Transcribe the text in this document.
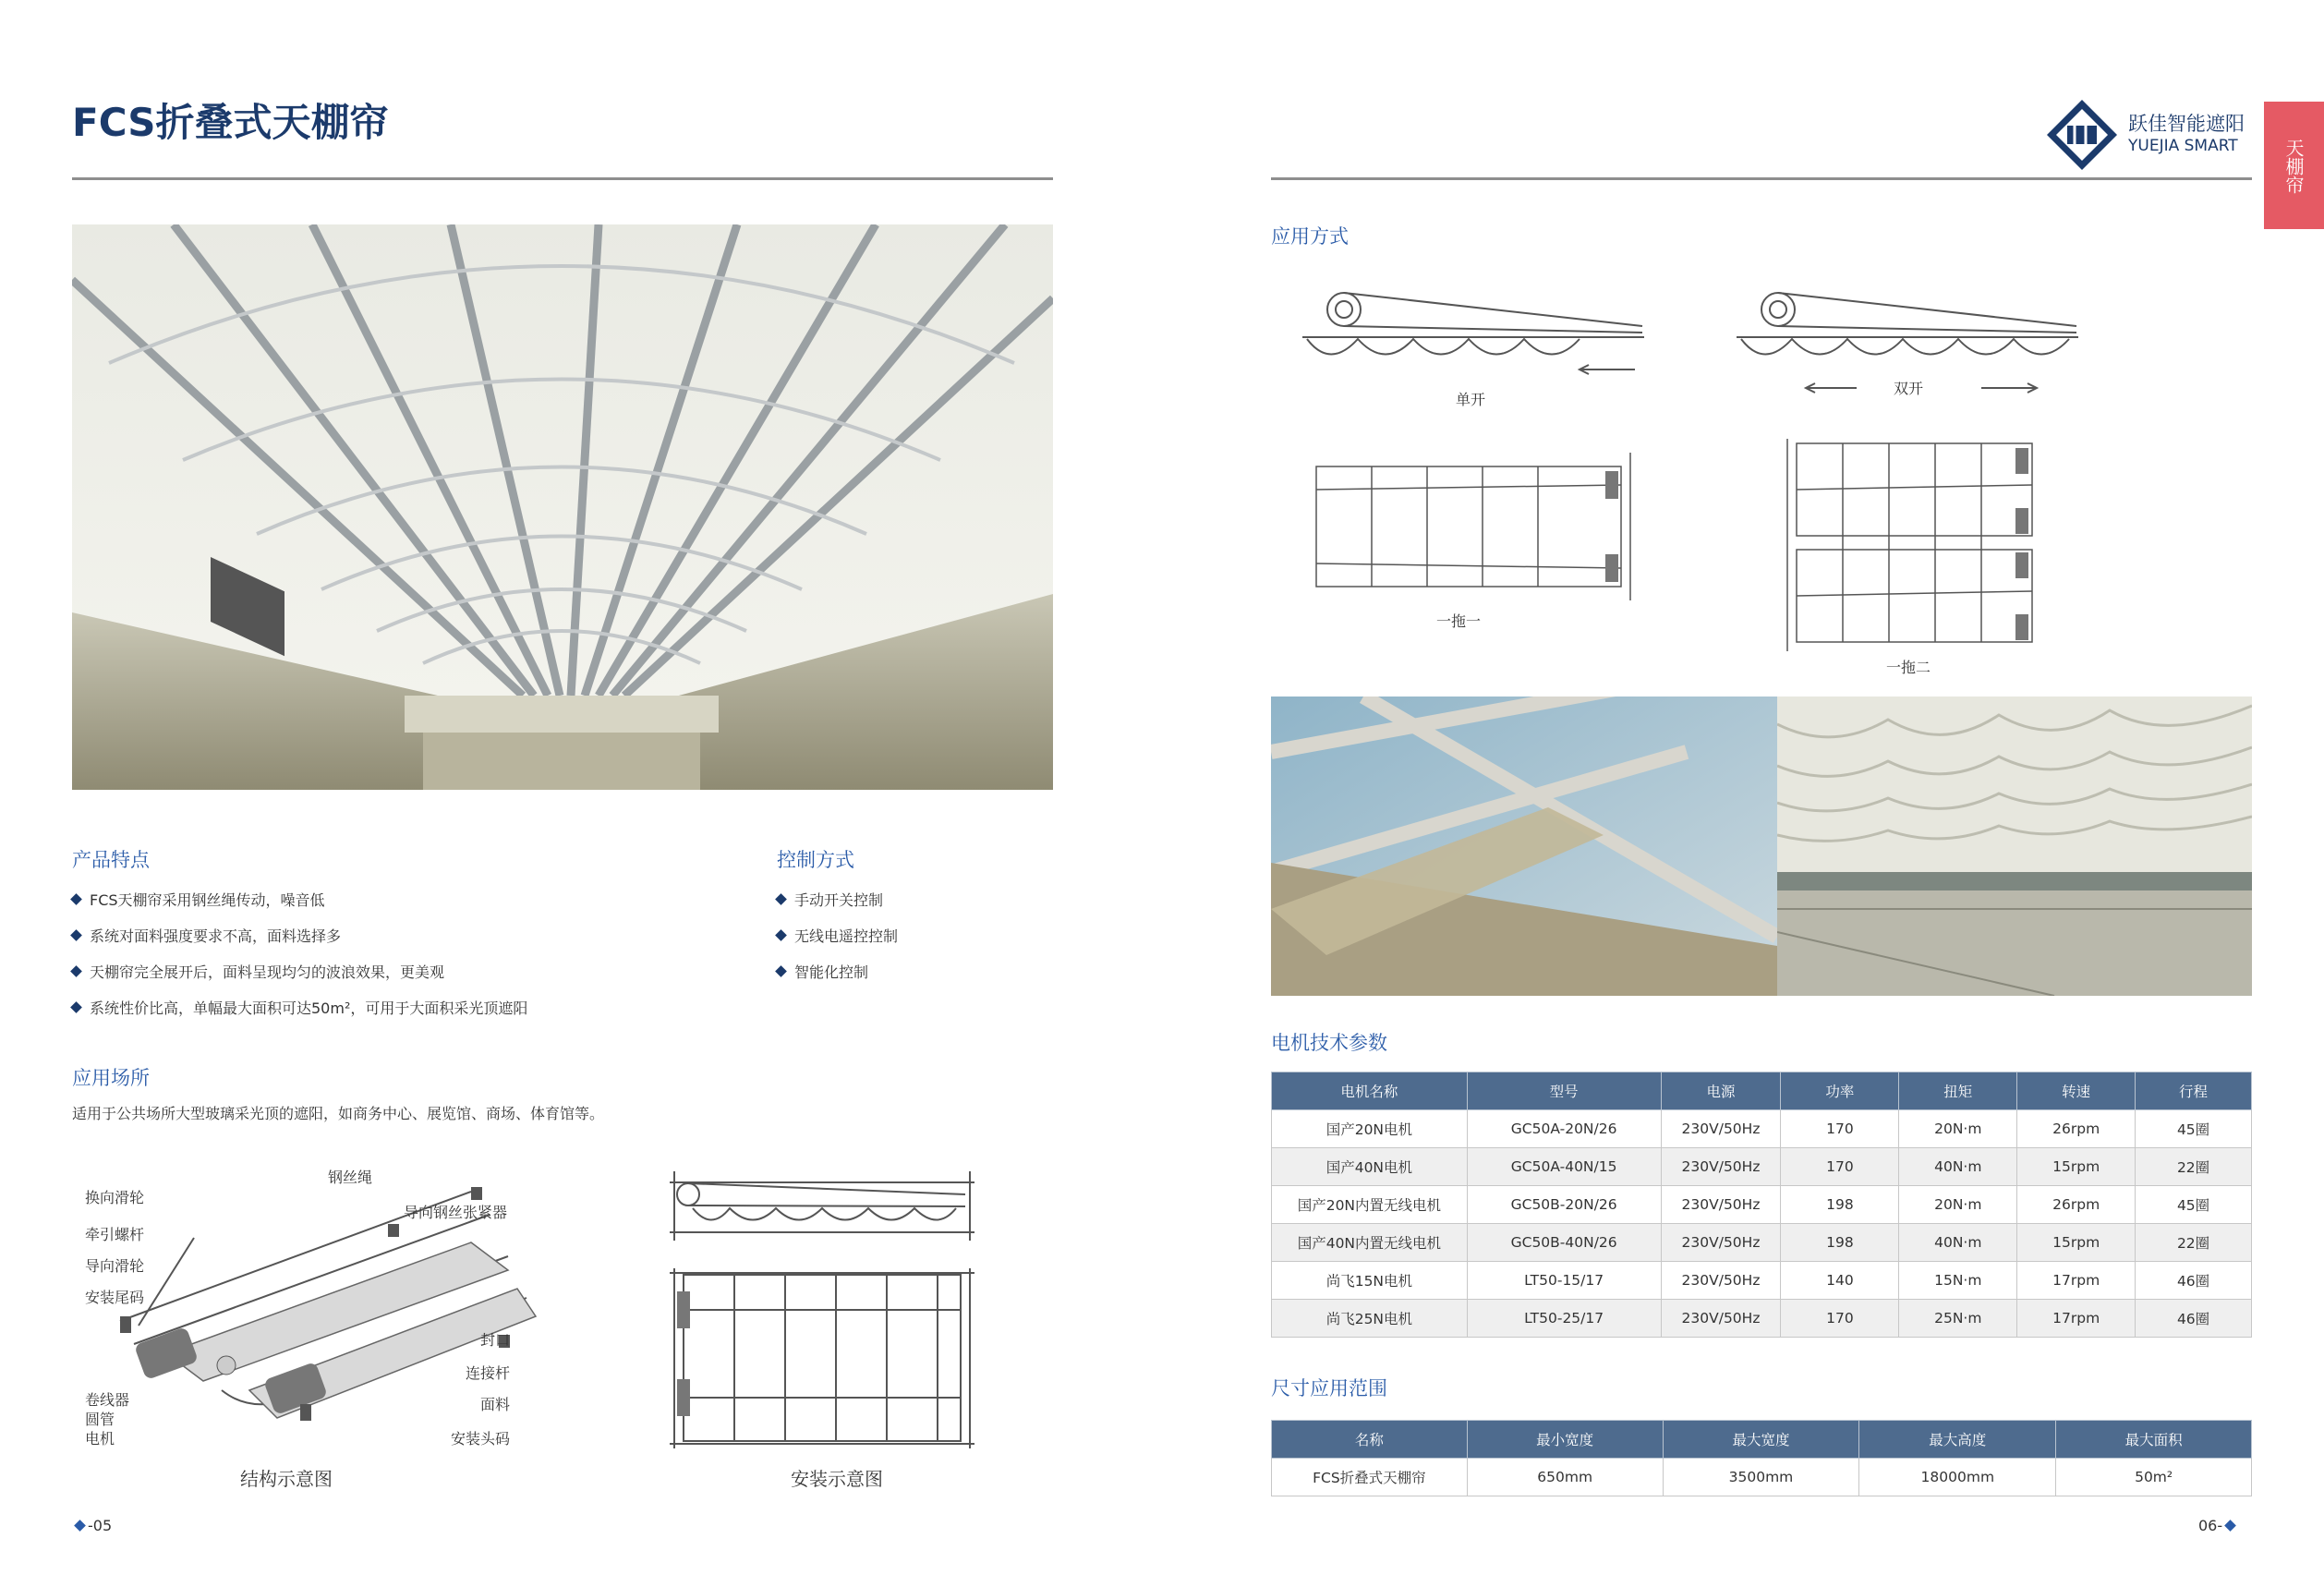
FCS折叠式天棚帘
产品特点
FCS天棚帘采用钢丝绳传动，噪音低
系统对面料强度要求不高，面料选择多
天棚帘完全展开后，面料呈现均匀的波浪效果，更美观
系统性价比高，单幅最大面积可达50m²，可用于大面积采光顶遮阳
控制方式
手动开关控制
无线电遥控控制
智能化控制
应用场所
适用于公共场所大型玻璃采光顶的遮阳，如商务中心、展览馆、商场、体育馆等。
钢丝绳
换向滑轮
导向钢丝张紧器
牵引螺杆
导向滑轮
安装尾码
封口
连接杆
面料
卷线器
圆管
电机	安装头码
结构示意图	安装示意图
- 05
跃佳智能遮阳
YUEJIA SMART 天棚帘
应用方式
单开
双开
一拖一
一拖二
电机技术参数
电机名称	型号	电源	功率	扭矩	转速	行程
国产20N电机	GC50A-20N/26	230V/50Hz	170	20N·m	26rpm	45圈
国产40N电机	GC50A-40N/15	230V/50Hz	170	40N·m	15rpm	22圈
国产20N内置无线电机	GC50B-20N/26	230V/50Hz	198	20N·m	26rpm	45圈
国产40N内置无线电机	GC50B-40N/26	230V/50Hz	198	40N·m	15rpm	22圈
尚飞15N电机	LT50-15/17	230V/50Hz	140	15N·m	17rpm	46圈
尚飞25N电机	LT50-25/17	230V/50Hz	170	25N·m	17rpm	46圈
尺寸应用范围
名称	最小宽度	最大宽度	最大高度	最大面积
FCS折叠式天棚帘	650mm	3500mm	18000mm	50m²
06 -
